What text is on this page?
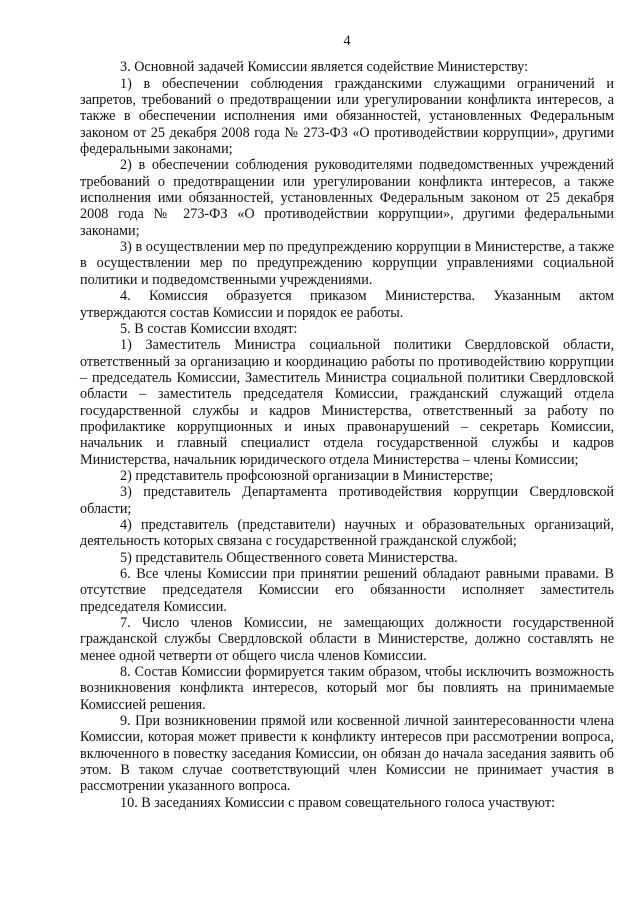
4

3. Основной задачей Комиссии является содействие Министерству:

1) в обеспечении соблюдения гражданскими служащими ограничений и запретов, требований о предотвращении или урегулировании конфликта интересов, а также в обеспечении исполнения ими обязанностей, установленных Федеральным законом от 25 декабря 2008 года № 273-ФЗ «О противодействии коррупции», другими федеральными законами;

2) в обеспечении соблюдения руководителями подведомственных учреждений требований о предотвращении или урегулировании конфликта интересов, а также исполнения ими обязанностей, установленных Федеральным законом от 25 декабря 2008 года № 273-ФЗ «О противодействии коррупции», другими федеральными законами;

3) в осуществлении мер по предупреждению коррупции в Министерстве, а также в осуществлении мер по предупреждению коррупции управлениями социальной политики и подведомственными учреждениями.

4. Комиссия образуется приказом Министерства. Указанным актом утверждаются состав Комиссии и порядок ее работы.

5. В состав Комиссии входят:

1) Заместитель Министра социальной политики Свердловской области, ответственный за организацию и координацию работы по противодействию коррупции – председатель Комиссии, Заместитель Министра социальной политики Свердловской области – заместитель председателя Комиссии, гражданский служащий отдела государственной службы и кадров Министерства, ответственный за работу по профилактике коррупционных и иных правонарушений – секретарь Комиссии, начальник и главный специалист отдела государственной службы и кадров Министерства, начальник юридического отдела Министерства – члены Комиссии;

2) представитель профсоюзной организации в Министерстве;

3) представитель Департамента противодействия коррупции Свердловской области;

4) представитель (представители) научных и образовательных организаций, деятельность которых связана с государственной гражданской службой;

5) представитель Общественного совета Министерства.

6. Все члены Комиссии при принятии решений обладают равными правами. В отсутствие председателя Комиссии его обязанности исполняет заместитель председателя Комиссии.

7. Число членов Комиссии, не замещающих должности государственной гражданской службы Свердловской области в Министерстве, должно составлять не менее одной четверти от общего числа членов Комиссии.

8. Состав Комиссии формируется таким образом, чтобы исключить возможность возникновения конфликта интересов, который мог бы повлиять на принимаемые Комиссией решения.

9. При возникновении прямой или косвенной личной заинтересованности члена Комиссии, которая может привести к конфликту интересов при рассмотрении вопроса, включенного в повестку заседания Комиссии, он обязан до начала заседания заявить об этом. В таком случае соответствующий член Комиссии не принимает участия в рассмотрении указанного вопроса.

10. В заседаниях Комиссии с правом совещательного голоса участвуют:
